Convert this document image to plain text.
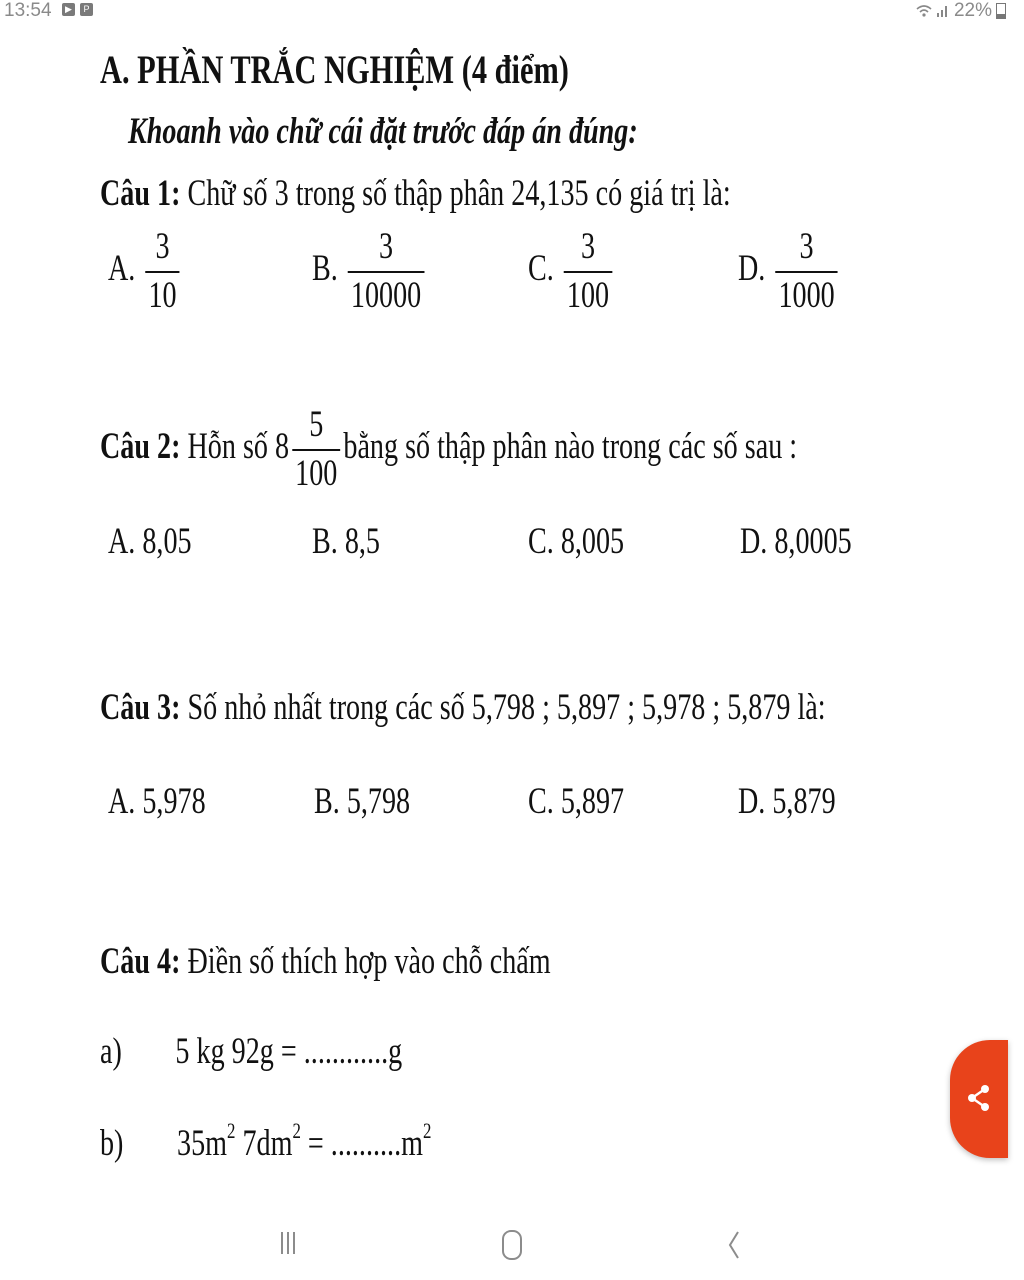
13:54	▶	P	22%
A. PHẦN TRẮC NGHIỆM (4 điểm)
Khoanh vào chữ cái đặt trước đáp án đúng:
Câu 1: Chữ số 3 trong số thập phân 24,135 có giá trị là:
A. $\frac{3}{10}$	B. $\frac{3}{10000}$	C. $\frac{3}{100}$	D. $\frac{3}{1000}$
Câu 2: Hỗn số $8 \frac{5}{100}$ bằng số thập phân nào trong các số sau :
A. 8,05	B. 8,5	C. 8,005	D. 8,0005
Câu 3: Số nhỏ nhất trong các số 5,798 ; 5,897 ; 5,978 ; 5,879 là:
A. 5,978	B. 5,798	C. 5,897	D. 5,879
Câu 4: Điền số thích hợp vào chỗ chấm
a) 5 kg 92g = ............g
b) $35m^2$ $7dm^2 = ..........m^2$
